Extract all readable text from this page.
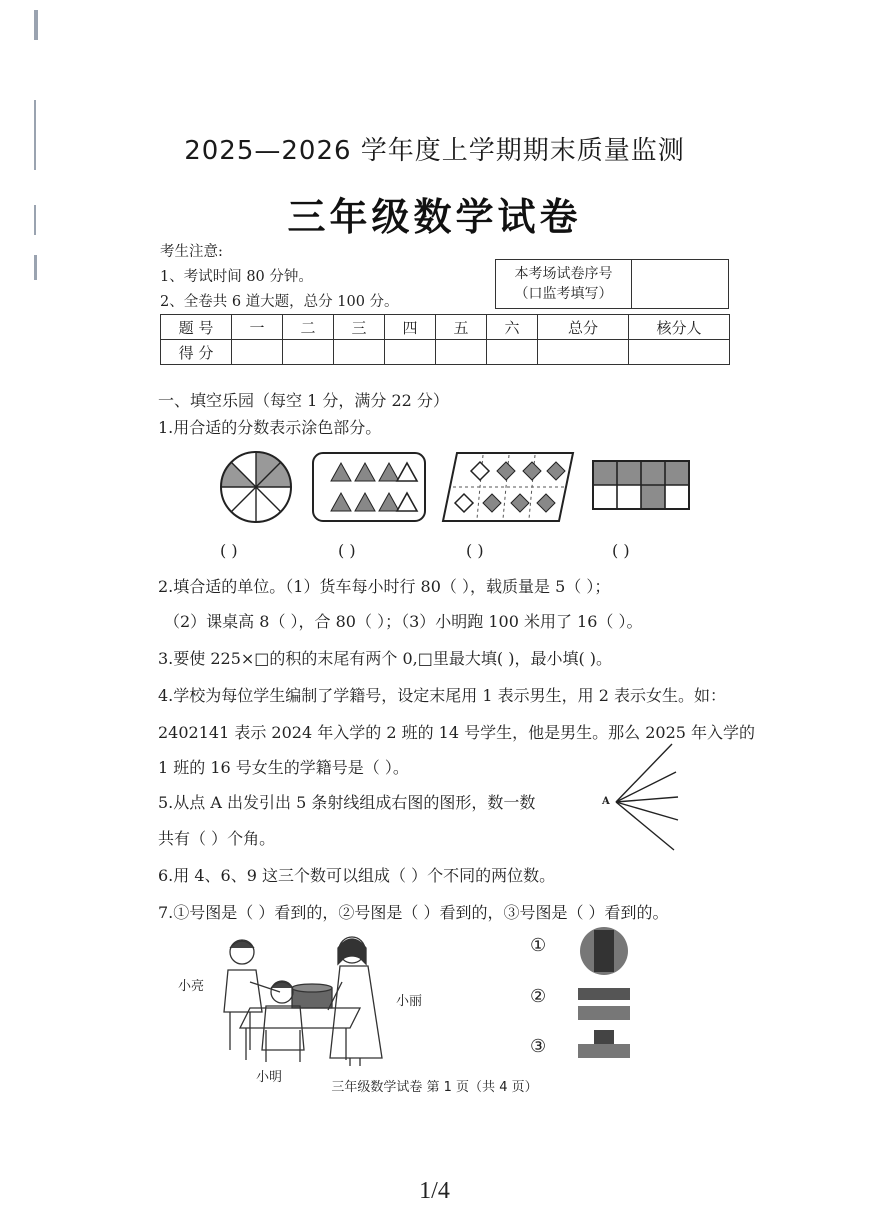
2025—2026 学年度上学期期末质量监测
三年级数学试卷
考生注意:
1、考试时间 80 分钟。
2、全卷共 6 道大题，总分 100 分。
本考场试卷序号
（口监考填写）
题 号	一	二	三	四	五	六	总分	核分人
得 分								
一、填空乐园（每空 1 分，满分 22 分）
1.用合适的分数表示涂色部分。
( )	( )	( )	( )
2.填合适的单位。（1）货车每小时行 80（ ），载质量是 5（ ）；
（2）课桌高 8（ ），合 80（ ）；（3）小明跑 100 米用了 16（ ）。
3.要使 225×□的积的末尾有两个 0,□里最大填( )，最小填( )。
4.学校为每位学生编制了学籍号，设定末尾用 1 表示男生，用 2 表示女生。如：
2402141 表示 2024 年入学的 2 班的 14 号学生，他是男生。那么 2025 年入学的
1 班的 16 号女生的学籍号是（ ）。
5.从点 A 出发引出 5 条射线组成右图的图形，数一数
共有（ ）个角。
A
6.用 4、6、9 这三个数可以组成（ ）个不同的两位数。
7.①号图是（ ）看到的，②号图是（ ）看到的，③号图是（ ）看到的。
小亮
小丽
小明
①
②
③
三年级数学试卷 第 1 页（共 4 页）
1/4
